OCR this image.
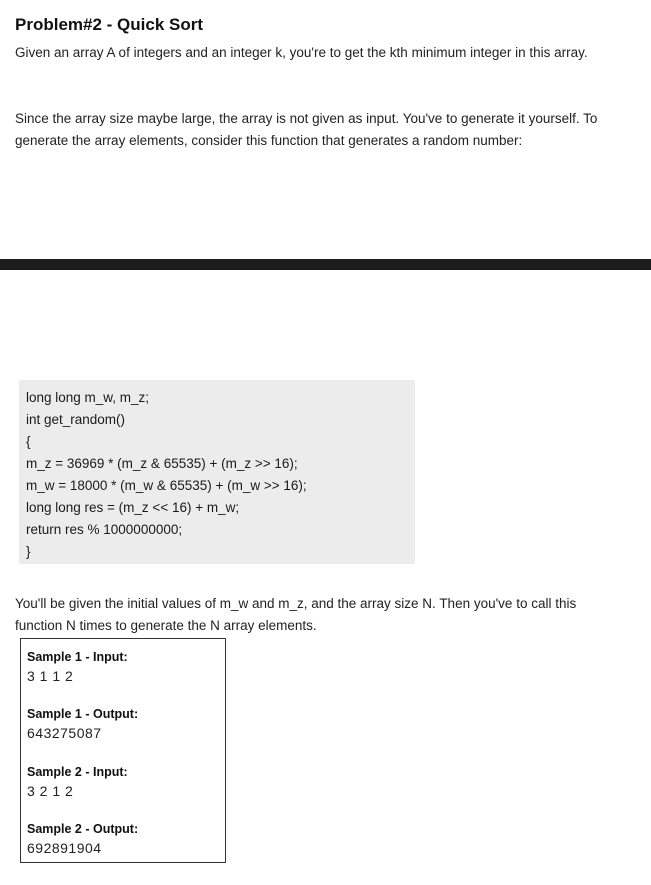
Problem#2 - Quick Sort
Given an array A of integers and an integer k, you're to get the kth minimum integer in this array.
Since the array size maybe large, the array is not given as input. You've to generate it yourself. To generate the array elements, consider this function that generates a random number:
long long m_w, m_z;
int get_random()
{
m_z = 36969 * (m_z & 65535) + (m_z >> 16);
m_w = 18000 * (m_w & 65535) + (m_w >> 16);
long long res = (m_z << 16) + m_w;
return res % 1000000000;
}
You'll be given the initial values of m_w and m_z, and the array size N. Then you've to call this function N times to generate the N array elements.
Sample 1 - Input:
3 1 1 2
Sample 1 - Output:
643275087
Sample 2 - Input:
3 2 1 2
Sample 2 - Output:
692891904
